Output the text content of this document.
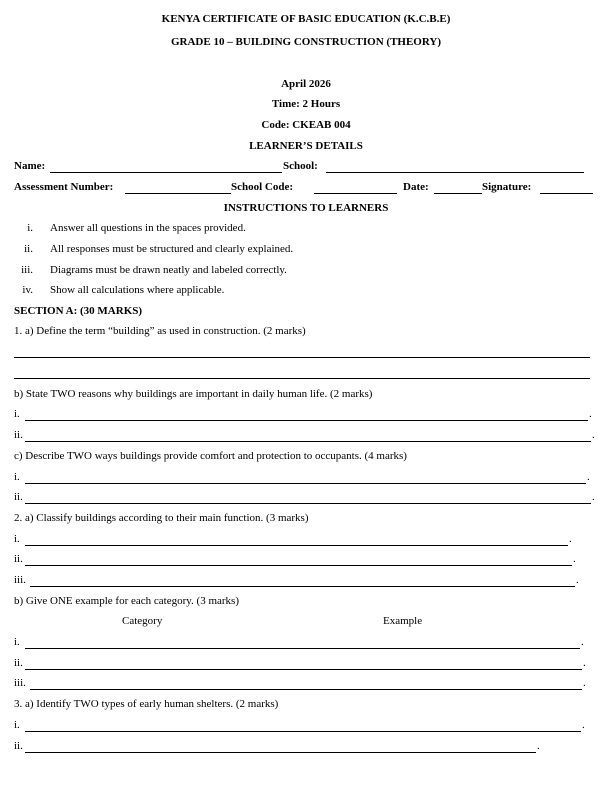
KENYA CERTIFICATE OF BASIC EDUCATION (K.C.B.E)
GRADE 10 – BUILDING CONSTRUCTION (THEORY)
April 2026
Time: 2 Hours
Code: CKEAB 004
LEARNER’S DETAILS
Name:	School:
Assessment Number:	School Code:	Date:	Signature:
INSTRUCTIONS TO LEARNERS
i. Answer all questions in the spaces provided.
ii. All responses must be structured and clearly explained.
iii. Diagrams must be drawn neatly and labeled correctly.
iv. Show all calculations where applicable.
SECTION A: (30 MARKS)
1. a) Define the term “building” as used in construction. (2 marks)
b) State TWO reasons why buildings are important in daily human life. (2 marks)
i.	.
ii.	.
c) Describe TWO ways buildings provide comfort and protection to occupants. (4 marks)
i.	.
ii.	.
2. a) Classify buildings according to their main function. (3 marks)
i.	.
ii.	.
iii.	.
b) Give ONE example for each category. (3 marks)
Category	Example
i.	.
ii.	.
iii.	.
3. a) Identify TWO types of early human shelters. (2 marks)
i.	.
ii.	.
